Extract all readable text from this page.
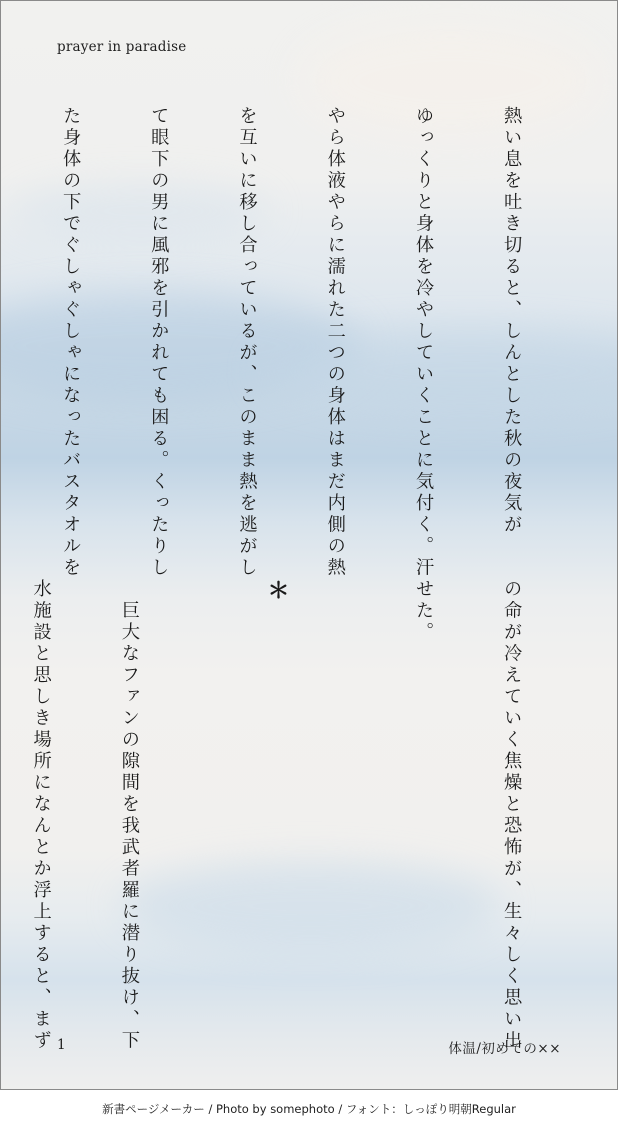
prayer in paradise

熱い息を吐き切ると、しんとした秋の夜気が

ゆっくりと身体を冷やしていくことに気付く。汗

やら体液やらに濡れた二つの身体はまだ内側の熱

を互いに移し合っているが、このまま熱を逃がし

て眼下の男に風邪を引かれても困る。くったりし

た身体の下でぐしゃぐしゃになったバスタオルを

の命が冷えていく焦燥と恐怖が、生々しく思い出

せた。

＊

　巨大なファンの隙間を我武者羅に潜り抜け、下

水施設と思しき場所になんとか浮上すると、まず

1	体温/初めての××
新書ページメーカー / Photo by somephoto / フォント：しっぽり明朝Regular
